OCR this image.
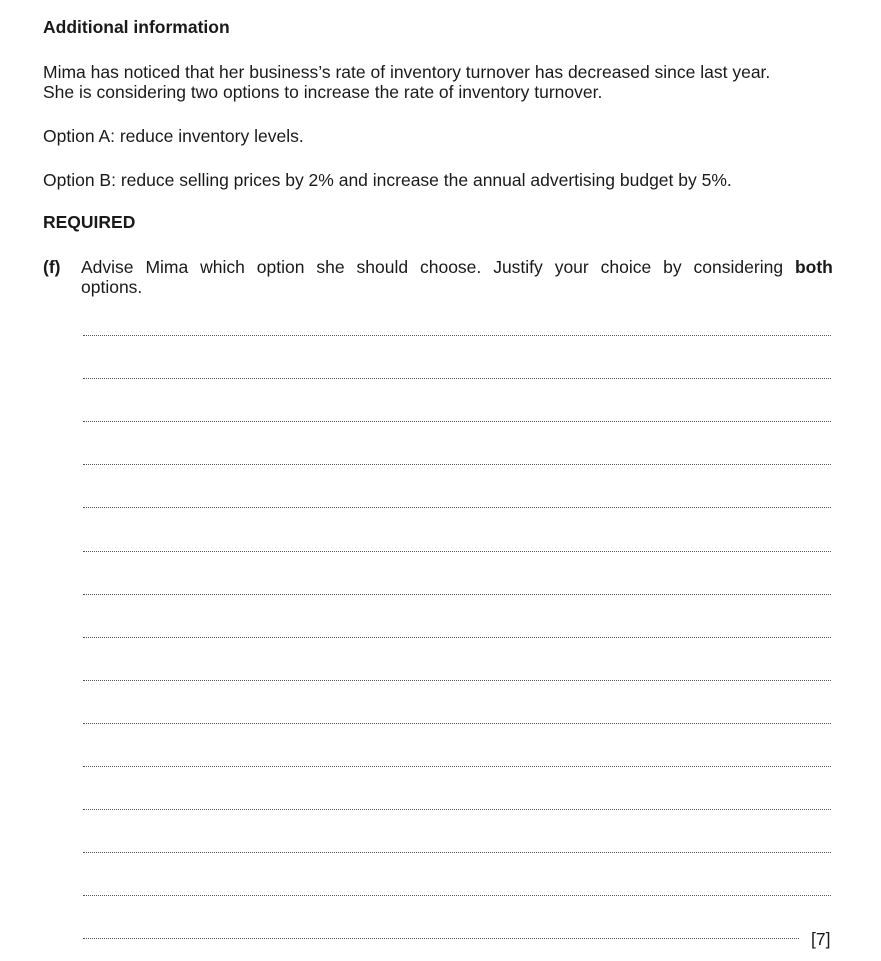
Additional information
Mima has noticed that her business’s rate of inventory turnover has decreased since last year.
She is considering two options to increase the rate of inventory turnover.
Option A: reduce inventory levels.
Option B: reduce selling prices by 2% and increase the annual advertising budget by 5%.
REQUIRED
(f) Advise Mima which option she should choose. Justify your choice by considering both
options.
[7]
